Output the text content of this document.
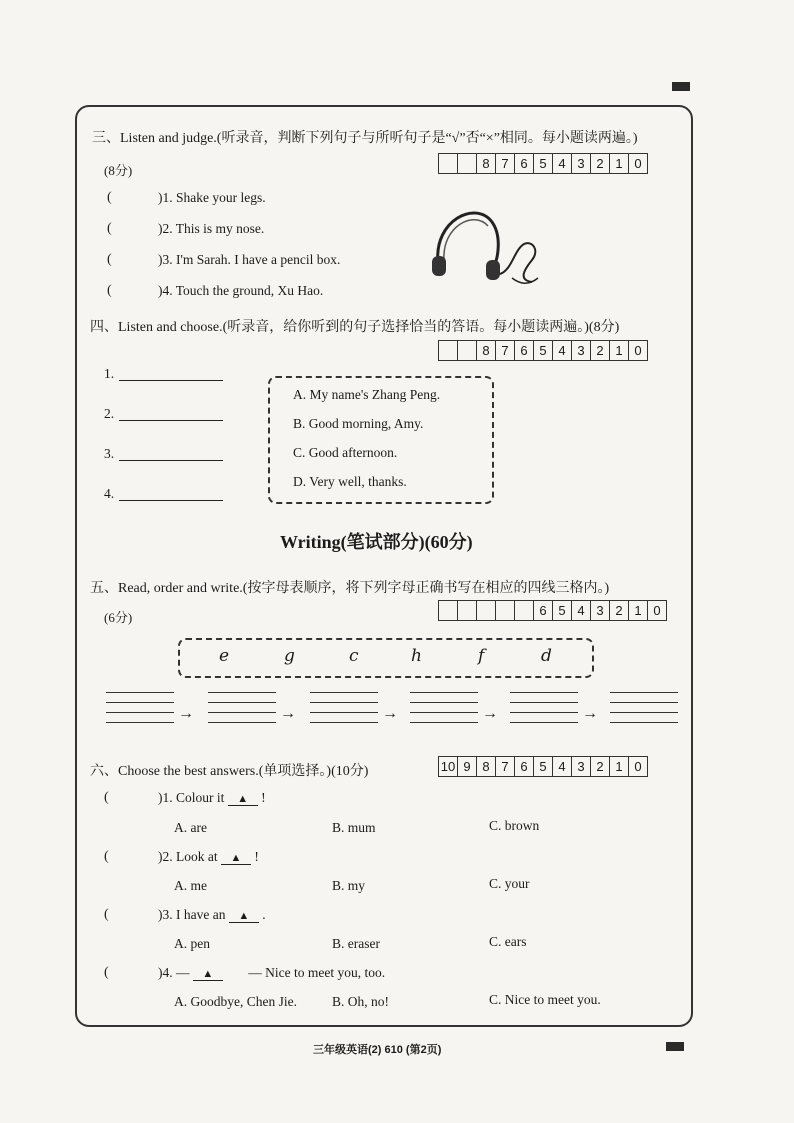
三、Listen and judge.(听录音，判断下列句子与所听句子是“√”否“×”相同。每小题读两遍。)
(8分)	8 7 6 5 4 3 2 1 0
(	)1. Shake your legs.
(	)2. This is my nose.
(	)3. I'm Sarah. I have a pencil box.
(	)4. Touch the ground, Xu Hao.
四、Listen and choose.(听录音，给你听到的句子选择恰当的答语。每小题读两遍。)(8分)
8 7 6 5 4 3 2 1 0
1.
2.
3.
4.
A. My name's Zhang Peng.
B. Good morning, Amy.
C. Good afternoon.
D. Very well, thanks.
Writing(笔试部分)(60分)
五、Read, order and write.(按字母表顺序，将下列字母正确书写在相应的四线三格内。)
(6分)	6 5 4 3 2 1 0
e	g	c	h	f	d
→	→	→	→	→
六、Choose the best answers.(单项选择。)(10分)	10 9 8 7 6 5 4 3 2 1 0
(	)1. Colour it ▲ !
A. are	B. mum	C. brown
(	)2. Look at ▲ !
A. me	B. my	C. your
(	)3. I have an ▲ .
A. pen	B. eraser	C. ears
(	)4. — ▲	— Nice to meet you, too.
A. Goodbye, Chen Jie.	B. Oh, no!	C. Nice to meet you.
三年级英语(2) 610 (第2页)
